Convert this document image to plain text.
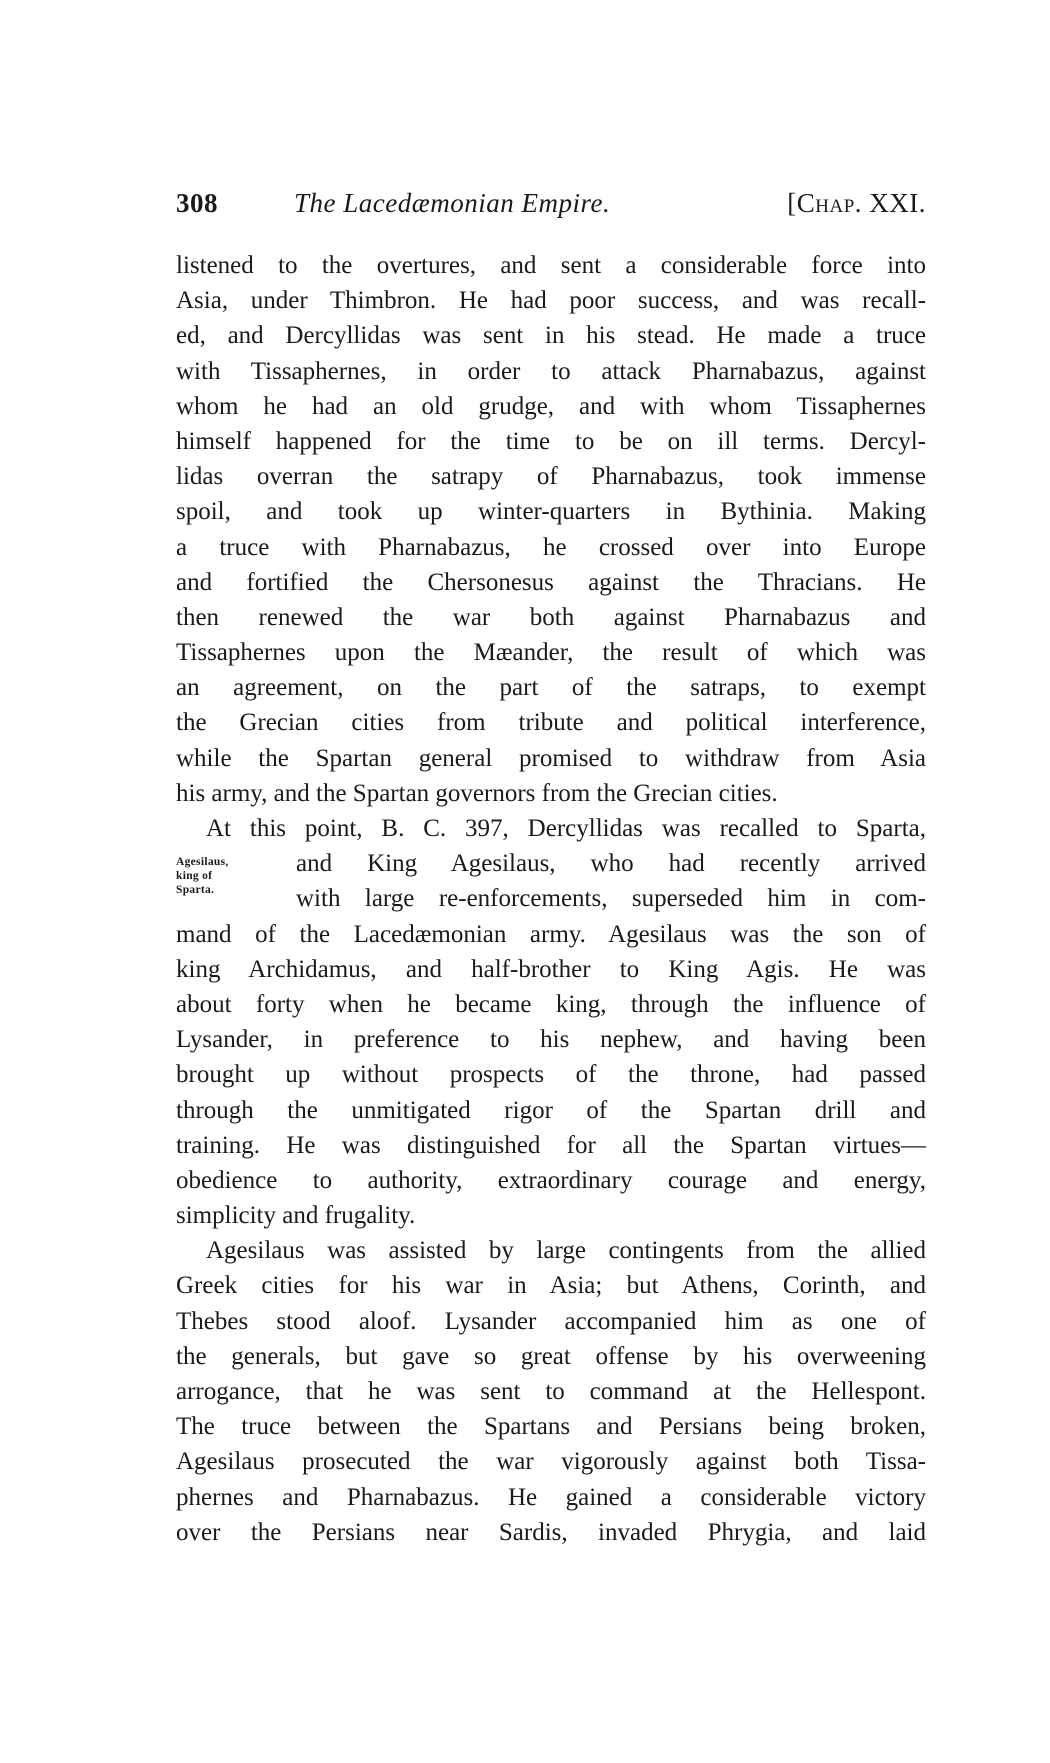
308	The Lacedæmonian Empire.	[Chap. XXI.
listened to the overtures, and sent a considerable force into
Asia, under Thimbron. He had poor success, and was recall-
ed, and Dercyllidas was sent in his stead. He made a truce
with Tissaphernes, in order to attack Pharnabazus, against
whom he had an old grudge, and with whom Tissaphernes
himself happened for the time to be on ill terms. Dercyl-
lidas overran the satrapy of Pharnabazus, took immense
spoil, and took up winter-quarters in Bythinia. Making
a truce with Pharnabazus, he crossed over into Europe
and fortified the Chersonesus against the Thracians. He
then renewed the war both against Pharnabazus and
Tissaphernes upon the Mæander, the result of which was
an agreement, on the part of the satraps, to exempt
the Grecian cities from tribute and political interference,
while the Spartan general promised to withdraw from Asia
his army, and the Spartan governors from the Grecian cities.
At this point, B. C. 397, Dercyllidas was recalled to Sparta,
Agesilaus,
king of
Sparta.
and King Agesilaus, who had recently arrived
with large re-enforcements, superseded him in com-
mand of the Lacedæmonian army. Agesilaus was the son of
king Archidamus, and half-brother to King Agis. He was
about forty when he became king, through the influence of
Lysander, in preference to his nephew, and having been
brought up without prospects of the throne, had passed
through the unmitigated rigor of the Spartan drill and
training. He was distinguished for all the Spartan virtues—
obedience to authority, extraordinary courage and energy,
simplicity and frugality.
Agesilaus was assisted by large contingents from the allied
Greek cities for his war in Asia; but Athens, Corinth, and
Thebes stood aloof. Lysander accompanied him as one of
the generals, but gave so great offense by his overweening
arrogance, that he was sent to command at the Hellespont.
The truce between the Spartans and Persians being broken,
Agesilaus prosecuted the war vigorously against both Tissa-
phernes and Pharnabazus. He gained a considerable victory
over the Persians near Sardis, invaded Phrygia, and laid
